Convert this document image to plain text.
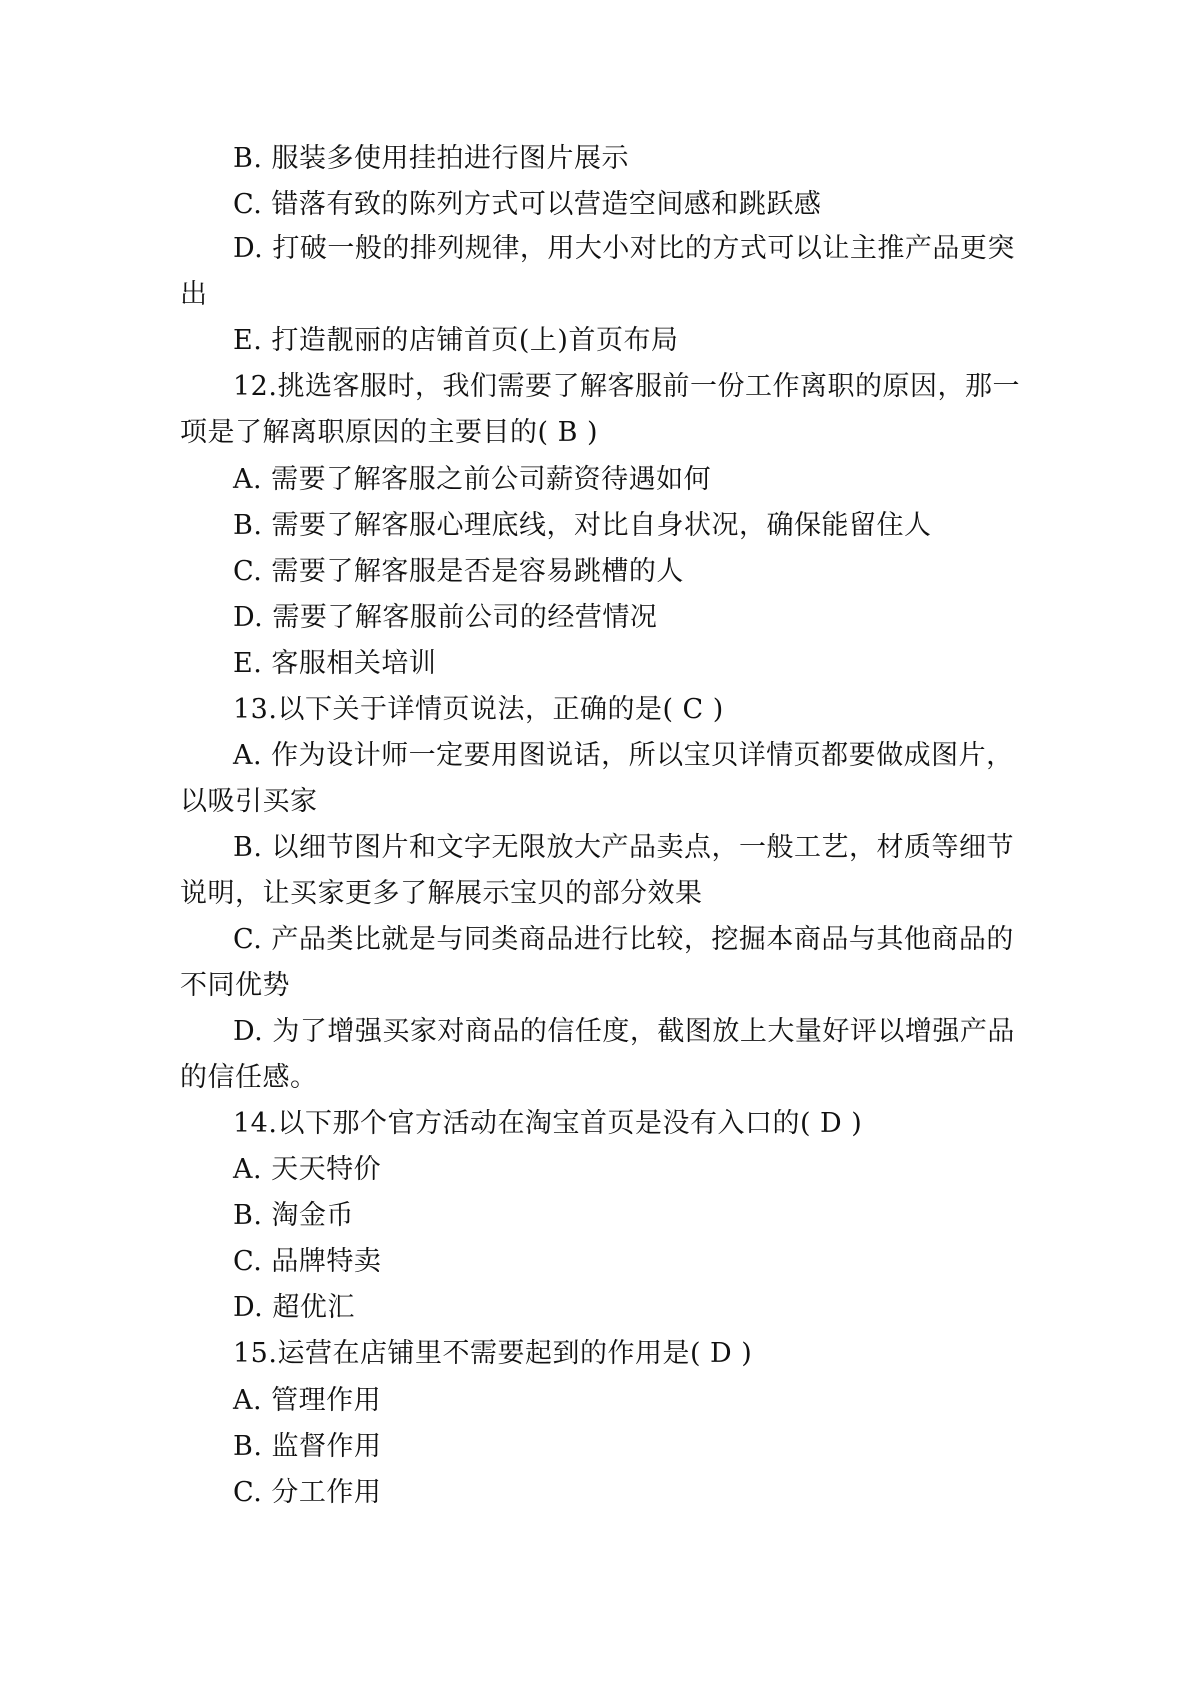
B. 服装多使用挂拍进行图片展示
C. 错落有致的陈列方式可以营造空间感和跳跃感
D. 打破一般的排列规律，用大小对比的方式可以让主推产品更突
出
E. 打造靓丽的店铺首页(上)首页布局
12.挑选客服时，我们需要了解客服前一份工作离职的原因，那一
项是了解离职原因的主要目的( B )
A. 需要了解客服之前公司薪资待遇如何
B. 需要了解客服心理底线，对比自身状况，确保能留住人
C. 需要了解客服是否是容易跳槽的人
D. 需要了解客服前公司的经营情况
E. 客服相关培训
13.以下关于详情页说法，正确的是( C )
A. 作为设计师一定要用图说话，所以宝贝详情页都要做成图片，
以吸引买家
B. 以细节图片和文字无限放大产品卖点，一般工艺，材质等细节
说明，让买家更多了解展示宝贝的部分效果
C. 产品类比就是与同类商品进行比较，挖掘本商品与其他商品的
不同优势
D. 为了增强买家对商品的信任度，截图放上大量好评以增强产品
的信任感。
14.以下那个官方活动在淘宝首页是没有入口的( D )
A. 天天特价
B. 淘金币
C. 品牌特卖
D. 超优汇
15.运营在店铺里不需要起到的作用是( D )
A. 管理作用
B. 监督作用
C. 分工作用
